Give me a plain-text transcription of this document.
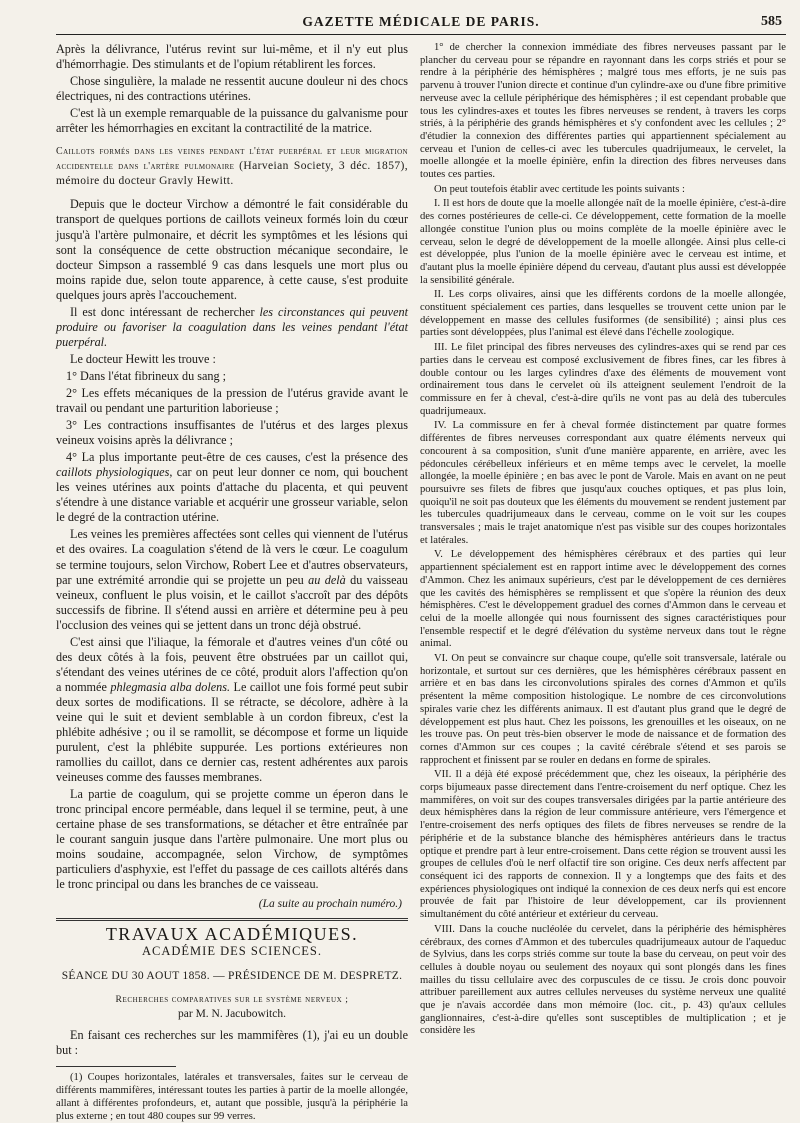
GAZETTE MÉDICALE DE PARIS.	585

Après la délivrance, l'utérus revint sur lui-même, et il n'y eut plus d'hémorrhagie. Des stimulants et de l'opium rétablirent les forces.

Chose singulière, la malade ne ressentit aucune douleur ni des chocs électriques, ni des contractions utérines.

C'est là un exemple remarquable de la puissance du galvanisme pour arrêter les hémorrhagies en excitant la contractilité de la matrice.

Caillots formés dans les veines pendant l'état puerpéral et leur migration accidentelle dans l'artère pulmonaire (Harveian Society, 3 déc. 1857), mémoire du docteur Gravly Hewitt.

Depuis que le docteur Virchow a démontré le fait considérable du transport de quelques portions de caillots veineux formés loin du cœur jusqu'à l'artère pulmonaire, et décrit les symptômes et les lésions qui sont la conséquence de cette obstruction mécanique secondaire, le docteur Simpson a rassemblé 9 cas dans lesquels une mort plus ou moins rapide due, selon toute apparence, à cette cause, s'est produite quelques jours après l'accouchement.

Il est donc intéressant de rechercher les circonstances qui peuvent produire ou favoriser la coagulation dans les veines pendant l'état puerpéral.

Le docteur Hewitt les trouve :

1° Dans l'état fibrineux du sang ;

2° Les effets mécaniques de la pression de l'utérus gravide avant le travail ou pendant une parturition laborieuse ;

3° Les contractions insuffisantes de l'utérus et des larges plexus veineux voisins après la délivrance ;

4° La plus importante peut-être de ces causes, c'est la présence des caillots physiologiques, car on peut leur donner ce nom, qui bouchent les veines utérines aux points d'attache du placenta, et qui peuvent s'étendre à une distance variable et acquérir une grosseur variable, selon le degré de la contraction utérine.

Les veines les premières affectées sont celles qui viennent de l'utérus et des ovaires. La coagulation s'étend de là vers le cœur. Le coagulum se termine toujours, selon Virchow, Robert Lee et d'autres observateurs, par une extrémité arrondie qui se projette un peu au delà du vaisseau veineux, confluent le plus voisin, et le caillot s'accroît par des dépôts successifs de fibrine. Il s'étend aussi en arrière et détermine peu à peu l'occlusion des veines qui se jettent dans un tronc déjà obstrué.

C'est ainsi que l'iliaque, la fémorale et d'autres veines d'un côté ou des deux côtés à la fois, peuvent être obstruées par un caillot qui, s'étendant des veines utérines de ce côté, produit alors l'affection qu'on a nommée phlegmasia alba dolens. Le caillot une fois formé peut subir deux sortes de modifications. Il se rétracte, se décolore, adhère à la veine qui le suit et devient semblable à un cordon fibreux, c'est la phlébite adhésive ; ou il se ramollit, se décompose et forme un liquide purulent, c'est la phlébite suppurée. Les portions extérieures non ramollies du caillot, dans ce dernier cas, restent adhérentes aux parois veineuses comme des fausses membranes.

La partie de coagulum, qui se projette comme un éperon dans le tronc principal encore perméable, dans lequel il se termine, peut, à une certaine phase de ses transformations, se détacher et être entraînée par le courant sanguin jusque dans l'artère pulmonaire. Une mort plus ou moins soudaine, accompagnée, selon Virchow, de symptômes particuliers d'asphyxie, est l'effet du passage de ces caillots altérés dans le tronc principal ou dans les branches de ce vaisseau.

(La suite au prochain numéro.)
TRAVAUX ACADÉMIQUES.
ACADÉMIE DES SCIENCES.
SÉANCE DU 30 AOUT 1858. — PRÉSIDENCE DE M. DESPRETZ.
Recherches comparatives sur le système nerveux ;
par M. N. Jacubowitch.

En faisant ces recherches sur les mammifères (1), j'ai eu un double but :

(1) Coupes horizontales, latérales et transversales, faites sur le cerveau de différents mammifères, intéressant toutes les parties à partir de la moelle allongée, allant à différentes profondeurs, et, autant que possible, jusqu'à la périphérie la plus externe ; en tout 480 coupes sur 99 verres.

1° de chercher la connexion immédiate des fibres nerveuses passant par le plancher du cerveau pour se répandre en rayonnant dans les corps striés et pour se rendre à la périphérie des hémisphères ; malgré tous mes efforts, je ne suis pas parvenu à trouver l'union directe et continue d'un cylindre-axe ou d'une fibre primitive nerveuse avec la cellule périphérique des hémisphères ; il est cependant probable que tous les cylindres-axes et toutes les fibres nerveuses se rendent, à travers les corps striés, à la périphérie des grands hémisphères et s'y confondent avec les cellules ; 2° d'étudier la connexion des différentes parties qui appartiennent spécialement au cerveau et l'union de celles-ci avec les tubercules quadrijumeaux, le cervelet, la moelle allongée et la moelle épinière, enfin la direction des fibres nerveuses dans toutes ces parties.

On peut toutefois établir avec certitude les points suivants :

I. Il est hors de doute que la moelle allongée naît de la moelle épinière, c'est-à-dire des cornes postérieures de celle-ci. Ce développement, cette formation de la moelle allongée constitue l'union plus ou moins complète de la moelle épinière avec le cerveau, selon le degré de développement de la moelle allongée. Ainsi plus celle-ci est développée, plus l'union de la moelle épinière avec le cerveau est intime, et d'autant plus la moelle épinière dépend du cerveau, d'autant plus aussi est développée la sensibilité générale.

II. Les corps olivaires, ainsi que les différents cordons de la moelle allongée, constituent spécialement ces parties, dans lesquelles se trouvent cette union par le développement en masse des cellules fusiformes (de sensibilité) ; ainsi plus ces parties sont développées, plus l'animal est élevé dans l'échelle zoologique.

III. Le filet principal des fibres nerveuses des cylindres-axes qui se rend par ces parties dans le cerveau est composé exclusivement de fibres fines, car les fibres à double contour ou les larges cylindres d'axe des éléments de mouvement vont ordinairement tous dans le cervelet où ils atteignent seulement l'endroit de la commissure en fer à cheval, c'est-à-dire qu'ils ne vont pas au delà des tubercules quadrijumeaux.

IV. La commissure en fer à cheval formée distinctement par quatre formes différentes de fibres nerveuses correspondant aux quatre éléments nerveux qui concourent à sa composition, s'unit d'une manière apparente, en arrière, avec les pédoncules cérébelleux inférieurs et en même temps avec le cervelet, la moelle allongée, la moelle épinière ; en bas avec le pont de Varole. Mais en avant on ne peut poursuivre ses filets de fibres que jusqu'aux couches optiques, et pas plus loin, quoiqu'il ne soit pas douteux que les éléments du mouvement se rendent justement par les tubercules quadrijumeaux dans le cerveau, comme on le voit sur les coupes transversales ; mais le trajet anatomique n'est pas visible sur des coupes horizontales et latérales.

V. Le développement des hémisphères cérébraux et des parties qui leur appartiennent spécialement est en rapport intime avec le développement des cornes d'Ammon. Chez les animaux supérieurs, c'est par le développement de ces dernières que les cavités des hémisphères se remplissent et que s'opère la réunion des deux hémisphères. C'est le développement graduel des cornes d'Ammon dans le cerveau et celui de la moelle allongée qui nous fournissent des signes caractéristiques pour l'ensemble respectif et le degré d'élévation du système nerveux dans tout le règne animal.

VI. On peut se convaincre sur chaque coupe, qu'elle soit transversale, latérale ou horizontale, et surtout sur ces dernières, que les hémisphères cérébraux passent en arrière et en bas dans les circonvolutions spirales des cornes d'Ammon et qu'ils présentent la même composition histologique. Le nombre de ces circonvolutions spirales varie chez les différents animaux. Il est d'autant plus grand que le degré de développement est plus haut. Chez les poissons, les grenouilles et les oiseaux, on ne les trouve pas. On peut très-bien observer le mode de naissance et de formation des cornes d'Ammon sur ces coupes ; la cavité cérébrale s'étend et ses parois se rapprochent et finissent par se rouler en dedans en forme de spirales.

VII. Il a déjà été exposé précédemment que, chez les oiseaux, la périphérie des corps bijumeaux passe directement dans l'entre-croisement du nerf optique. Chez les mammifères, on voit sur des coupes transversales dirigées par la partie antérieure des deux hémisphères dans la région de leur commissure antérieure, vers l'émergence et l'entre-croisement des nerfs optiques des filets de fibres nerveuses se rendre de la périphérie et de la substance blanche des hémisphères antérieurs dans le tractus optique et prendre part à leur entre-croisement. Dans cette région se trouvent aussi les groupes de cellules d'où le nerf olfactif tire son origine. Ces deux nerfs affectent par conséquent ici des rapports de connexion. Il y a longtemps que des faits et des expériences physiologiques ont indiqué la connexion de ces deux nerfs qui est encore prouvée de fait par l'histoire de leur développement, car ils proviennent simultanément du côté antérieur et extérieur du cerveau.

VIII. Dans la couche nucléolée du cervelet, dans la périphérie des hémisphères cérébraux, des cornes d'Ammon et des tubercules quadrijumeaux autour de l'aqueduc de Sylvius, dans les corps striés comme sur toute la base du cerveau, on peut voir des cellules à double noyau ou seulement des noyaux qui sont plongés dans les fines mailles du tissu cellulaire avec des corpuscules de ce tissu. Je crois donc pouvoir attribuer pareillement aux autres cellules nerveuses du système nerveux une qualité que je n'avais accordée dans mon mémoire (loc. cit., p. 43) qu'aux cellules ganglionnaires, c'est-à-dire qu'elles sont susceptibles de multiplication ; et je considère les
